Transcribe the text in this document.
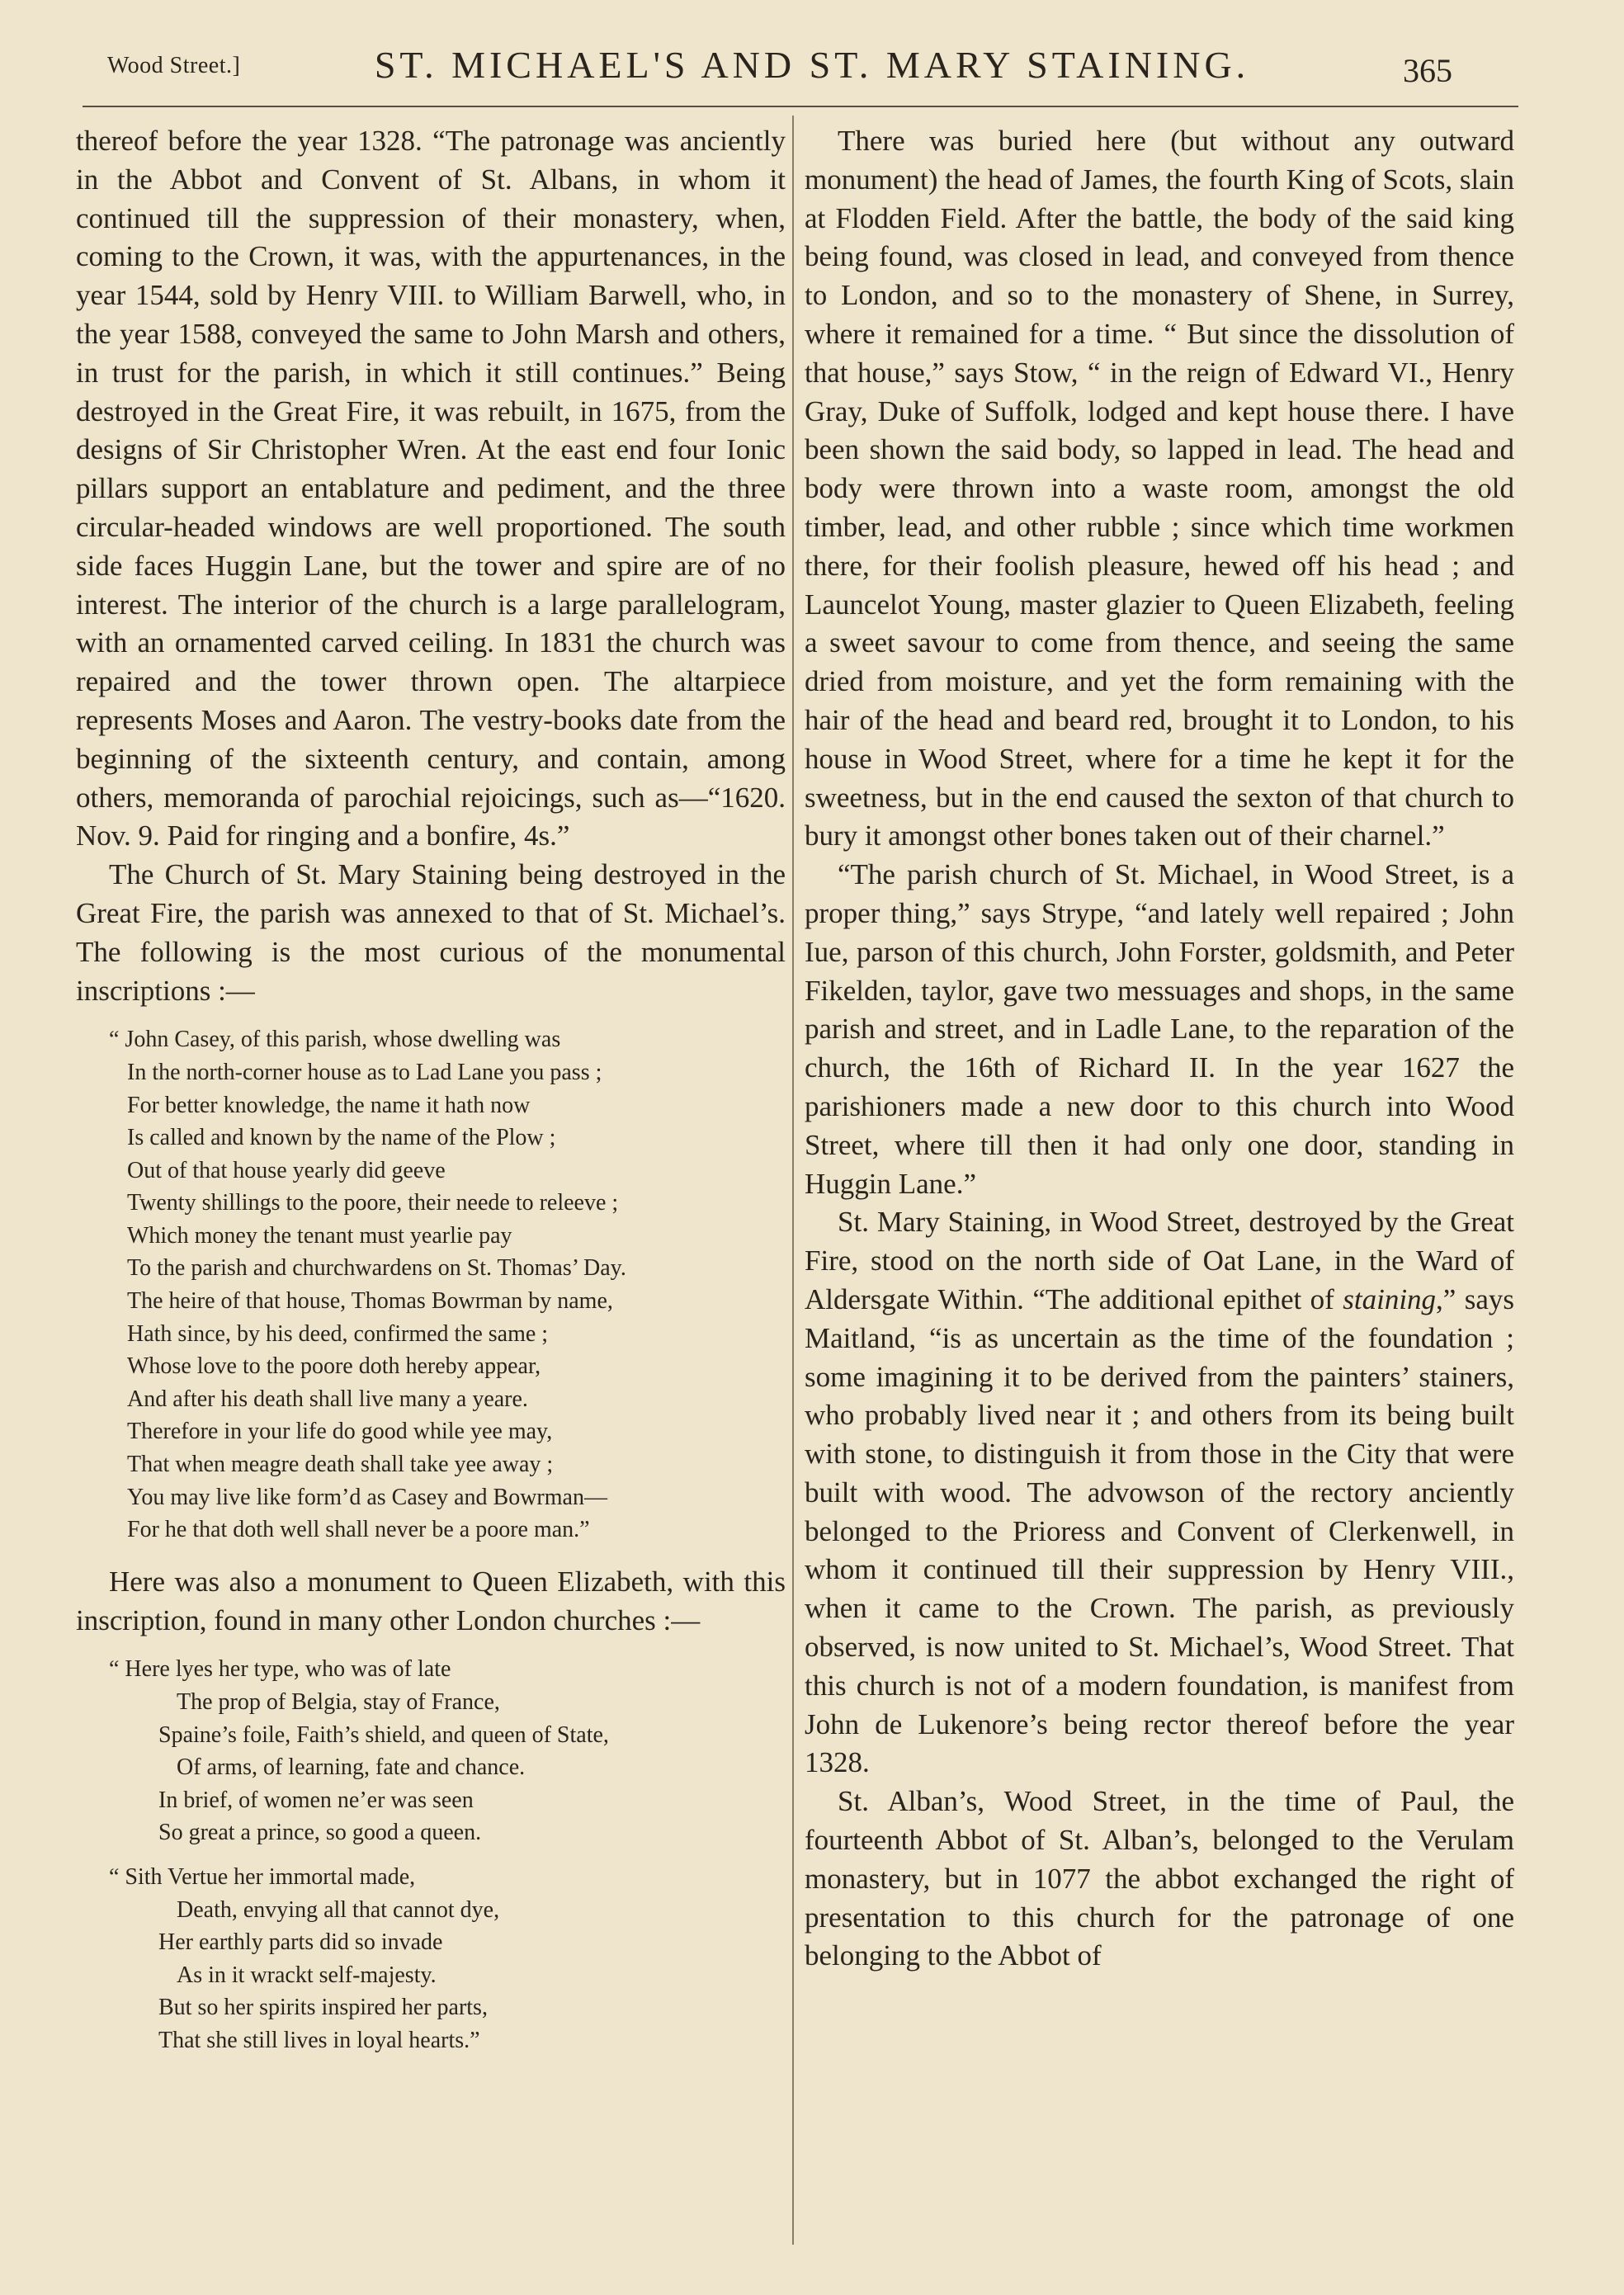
Wood Street.]	ST. MICHAEL'S AND ST. MARY STAINING.	365

thereof before the year 1328. “The patronage was anciently in the Abbot and Convent of St. Albans, in whom it continued till the suppression of their monastery, when, coming to the Crown, it was, with the appurtenances, in the year 1544, sold by Henry VIII. to William Barwell, who, in the year 1588, conveyed the same to John Marsh and others, in trust for the parish, in which it still continues.” Being destroyed in the Great Fire, it was rebuilt, in 1675, from the designs of Sir Christopher Wren. At the east end four Ionic pillars support an entablature and pediment, and the three circular-headed windows are well proportioned. The south side faces Huggin Lane, but the tower and spire are of no interest. The interior of the church is a large parallelogram, with an ornamented carved ceiling. In 1831 the church was repaired and the tower thrown open. The altarpiece represents Moses and Aaron. The vestry-books date from the beginning of the sixteenth century, and contain, among others, memoranda of parochial rejoicings, such as—“1620. Nov. 9. Paid for ringing and a bonfire, 4s.”

The Church of St. Mary Staining being destroyed in the Great Fire, the parish was annexed to that of St. Michael’s. The following is the most curious of the monumental inscriptions :—

“ John Casey, of this parish, whose dwelling was
In the north-corner house as to Lad Lane you pass ;
For better knowledge, the name it hath now
Is called and known by the name of the Plow ;
Out of that house yearly did geeve
Twenty shillings to the poore, their neede to releeve ;
Which money the tenant must yearlie pay
To the parish and churchwardens on St. Thomas’ Day.
The heire of that house, Thomas Bowrman by name,
Hath since, by his deed, confirmed the same ;
Whose love to the poore doth hereby appear,
And after his death shall live many a yeare.
Therefore in your life do good while yee may,
That when meagre death shall take yee away ;
You may live like form’d as Casey and Bowrman—
For he that doth well shall never be a poore man.”

Here was also a monument to Queen Elizabeth, with this inscription, found in many other London churches :—

“ Here lyes her type, who was of late
The prop of Belgia, stay of France,
Spaine’s foile, Faith’s shield, and queen of State,
Of arms, of learning, fate and chance.
In brief, of women ne’er was seen
So great a prince, so good a queen.
“ Sith Vertue her immortal made,
Death, envying all that cannot dye,
Her earthly parts did so invade
As in it wrackt self-majesty.
But so her spirits inspired her parts,
That she still lives in loyal hearts.”

There was buried here (but without any outward monument) the head of James, the fourth King of Scots, slain at Flodden Field. After the battle, the body of the said king being found, was closed in lead, and conveyed from thence to London, and so to the monastery of Shene, in Surrey, where it remained for a time. “ But since the dissolution of that house,” says Stow, “ in the reign of Edward VI., Henry Gray, Duke of Suffolk, lodged and kept house there. I have been shown the said body, so lapped in lead. The head and body were thrown into a waste room, amongst the old timber, lead, and other rubble ; since which time workmen there, for their foolish pleasure, hewed off his head ; and Launcelot Young, master glazier to Queen Elizabeth, feeling a sweet savour to come from thence, and seeing the same dried from moisture, and yet the form remaining with the hair of the head and beard red, brought it to London, to his house in Wood Street, where for a time he kept it for the sweetness, but in the end caused the sexton of that church to bury it amongst other bones taken out of their charnel.”

“The parish church of St. Michael, in Wood Street, is a proper thing,” says Strype, “and lately well repaired ; John Iue, parson of this church, John Forster, goldsmith, and Peter Fikelden, taylor, gave two messuages and shops, in the same parish and street, and in Ladle Lane, to the reparation of the church, the 16th of Richard II. In the year 1627 the parishioners made a new door to this church into Wood Street, where till then it had only one door, standing in Huggin Lane.”

St. Mary Staining, in Wood Street, destroyed by the Great Fire, stood on the north side of Oat Lane, in the Ward of Aldersgate Within. “The additional epithet of staining,” says Maitland, “is as uncertain as the time of the foundation ; some imagining it to be derived from the painters’ stainers, who probably lived near it ; and others from its being built with stone, to distinguish it from those in the City that were built with wood. The advowson of the rectory anciently belonged to the Prioress and Convent of Clerkenwell, in whom it continued till their suppression by Henry VIII., when it came to the Crown. The parish, as previously observed, is now united to St. Michael’s, Wood Street. That this church is not of a modern foundation, is manifest from John de Lukenore’s being rector thereof before the year 1328.

St. Alban’s, Wood Street, in the time of Paul, the fourteenth Abbot of St. Alban’s, belonged to the Verulam monastery, but in 1077 the abbot exchanged the right of presentation to this church for the patronage of one belonging to the Abbot of
